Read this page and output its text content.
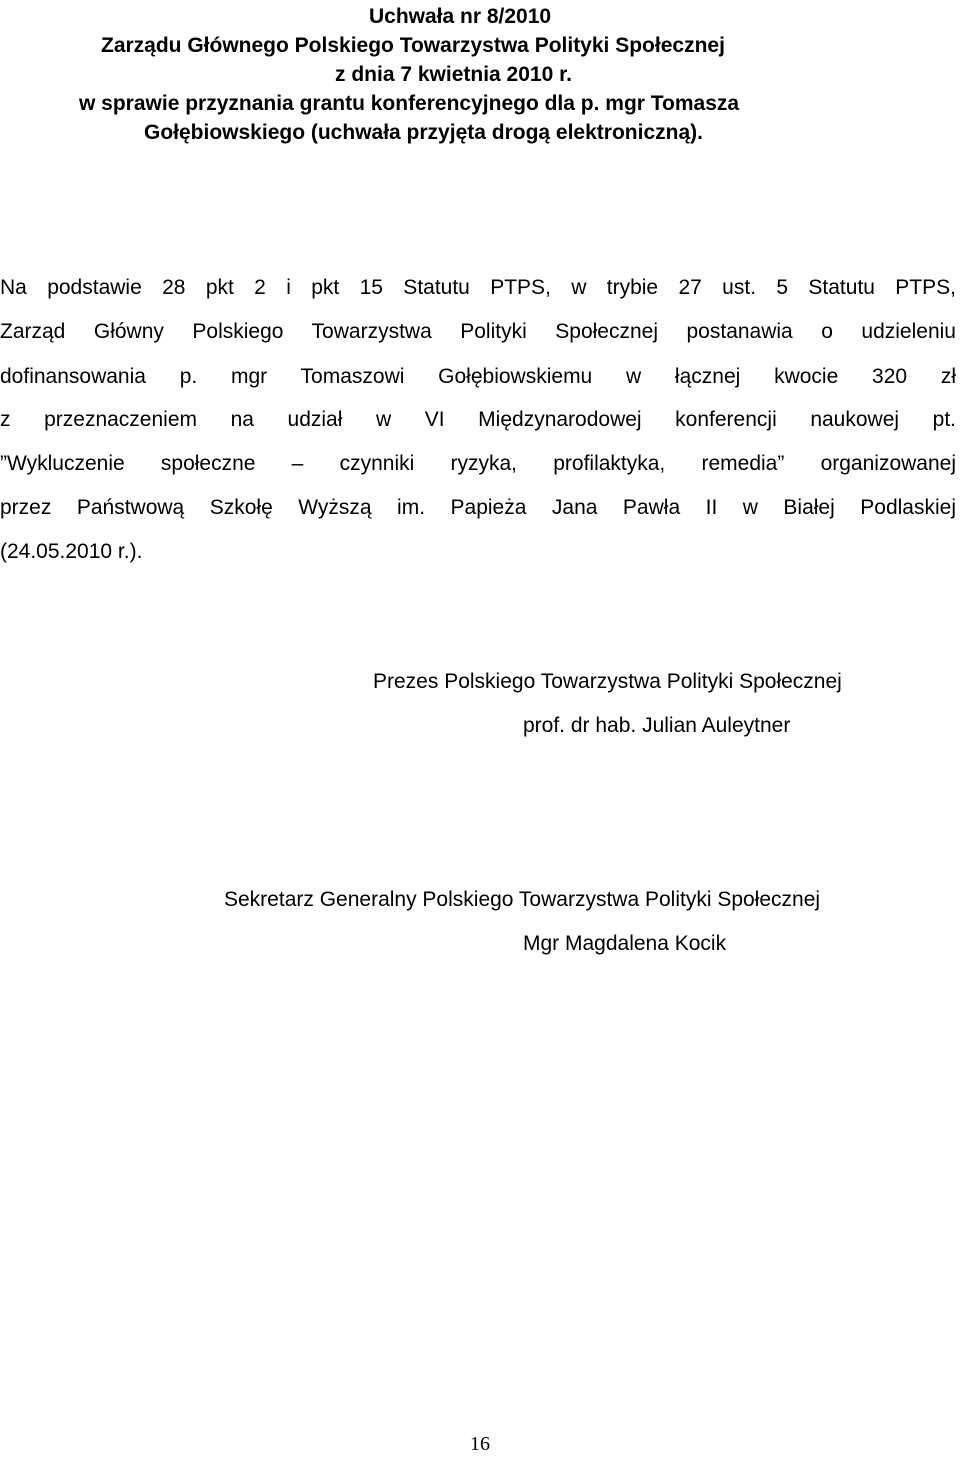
Uchwała nr 8/2010
Zarządu Głównego Polskiego Towarzystwa Polityki Społecznej
z dnia 7 kwietnia 2010 r.
w sprawie przyznania grantu konferencyjnego dla p. mgr Tomasza
Gołębiowskiego (uchwała przyjęta drogą elektroniczną).
Na podstawie 28 pkt 2 i pkt 15 Statutu PTPS, w trybie 27 ust. 5 Statutu PTPS,
Zarząd Główny Polskiego Towarzystwa Polityki Społecznej postanawia o udzieleniu
dofinansowania p. mgr Tomaszowi Gołębiowskiemu w łącznej kwocie 320 zł
z przeznaczeniem na udział w VI Międzynarodowej konferencji naukowej pt.
”Wykluczenie społeczne – czynniki ryzyka, profilaktyka, remedia” organizowanej
przez Państwową Szkołę Wyższą im. Papieża Jana Pawła II w Białej Podlaskiej
(24.05.2010 r.).
Prezes Polskiego Towarzystwa Polityki Społecznej
prof. dr hab. Julian Auleytner
Sekretarz Generalny Polskiego Towarzystwa Polityki Społecznej
Mgr Magdalena Kocik
16
